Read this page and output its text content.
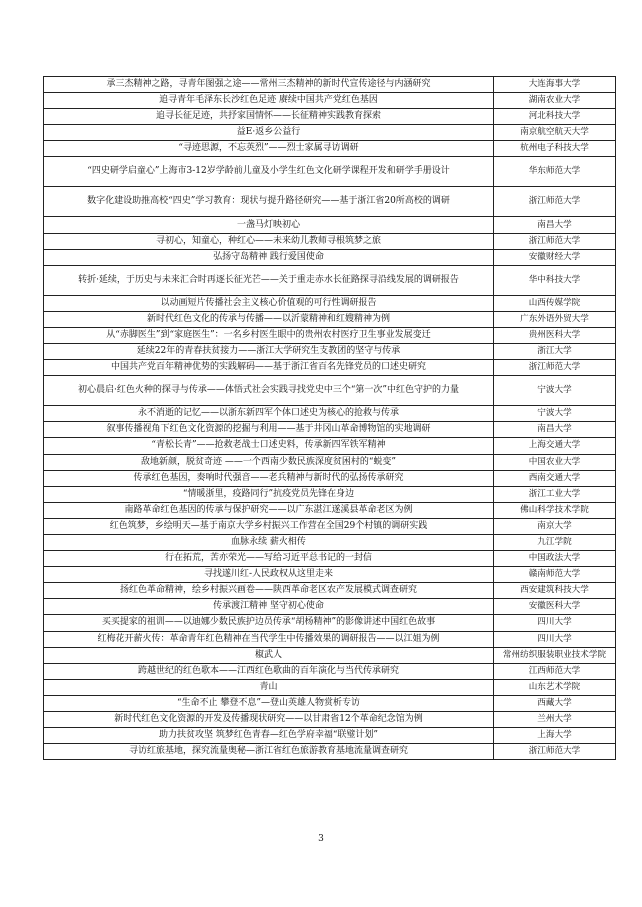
承三杰精神之路，寻青年图强之途——常州三杰精神的新时代宣传途径与内涵研究	大连海事大学
追寻青年毛泽东长沙红色足迹 赓续中国共产党红色基因	湖南农业大学
追寻长征足迹，共抒家国情怀——长征精神实践教育探索	河北科技大学
益E·返乡公益行	南京航空航天大学
“寻迹思源，不忘英烈”——烈士家属寻访调研	杭州电子科技大学
“四史研学启童心”上海市3-12岁学龄前儿童及小学生红色文化研学课程开发和研学手册设计	华东师范大学
数字化建设助推高校“四史”学习教育：现状与提升路径研究——基于浙江省20所高校的调研	浙江师范大学
一盏马灯映初心	南昌大学
寻初心，知童心，种红心——未来幼儿教师寻根筑梦之旅	浙江师范大学
弘扬守岛精神 践行爱国使命	安徽财经大学
转折·延续，于历史与未来汇合时再逐长征光芒——关于重走赤水长征路探寻沿线发展的调研报告	华中科技大学
以动画短片传播社会主义核心价值观的可行性调研报告	山西传媒学院
新时代红色文化的传承与传播——以沂蒙精神和红嫂精神为例	广东外语外贸大学
从“赤脚医生”到“家庭医生”：一名乡村医生眼中的贵州农村医疗卫生事业发展变迁	贵州医科大学
延续22年的青春扶贫接力——浙江大学研究生支教团的坚守与传承	浙江大学
中国共产党百年精神优势的实践解码——基于浙江省百名先锋党员的口述史研究	浙江师范大学
初心晨启·红色火种的探寻与传承——体悟式社会实践寻找党史中三个“第一次”中红色守护的力量	宁波大学
永不消逝的记忆——以浙东新四军个体口述史为核心的抢救与传承	宁波大学
叙事传播视角下红色文化资源的挖掘与利用——基于井冈山革命博物馆的实地调研	南昌大学
“青松长青”——抢救老战士口述史料，传承新四军铁军精神	上海交通大学
敌地新颜，脱贫奇迹 ——一个西南少数民族深度贫困村的“蜕变”	中国农业大学
传承红色基因，奏响时代强音——老兵精神与新时代的弘扬传承研究	西南交通大学
“情暖浙里，疫路同行”抗疫党员先锋在身边	浙江工业大学
南路革命红色基因的传承与保护研究——以广东湛江遂溪县革命老区为例	佛山科学技术学院
红色筑梦，乡绘明天—基于南京大学乡村振兴工作营在全国29个村镇的调研实践	南京大学
血脉永续 薪火相传	九江学院
行在拓荒，苦亦荣光——写给习近平总书记的一封信	中国政法大学
寻找遂川红-人民政权从这里走来	赣南师范大学
扬红色革命精神，绘乡村振兴画卷——陕西革命老区农产发展模式调查研究	西安建筑科技大学
传承渡江精神 坚守初心使命	安徽医科大学
买买提家的祖训——以迪娜少数民族护边员传承“胡杨精神”的影像讲述中国红色故事	四川大学
红梅花开薪火传：革命青年红色精神在当代学生中传播效果的调研报告——以江姐为例	四川大学
椒武人	常州纺织服装职业技术学院
跨越世纪的红色歌本——江西红色歌曲的百年演化与当代传承研究	江西师范大学
青山	山东艺术学院
“生命不止 攀登不息”—登山英雄人物赏析专访	西藏大学
新时代红色文化资源的开发及传播现状研究——以甘肃省12个革命纪念馆为例	兰州大学
助力扶贫攻坚 筑梦红色青春—红色学府幸福“联璧计划”	上海大学
寻访红旅基地，探究流量奥秘—浙江省红色旅游教育基地流量调查研究	浙江师范大学
3
